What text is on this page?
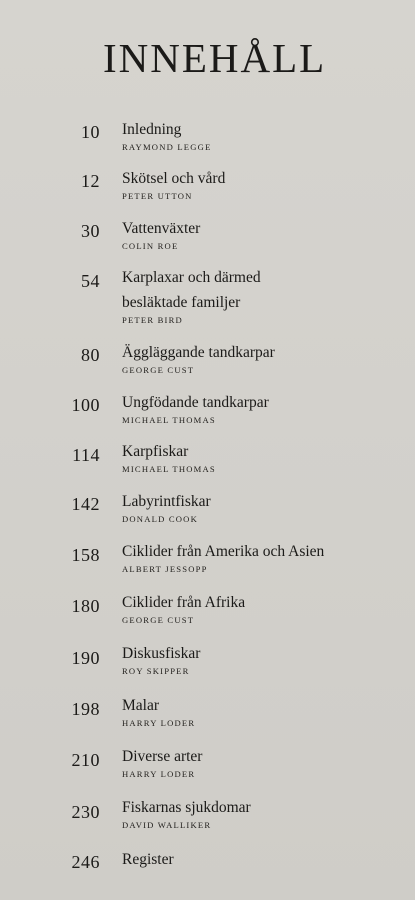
INNEHÅLL
10 Inledning
RAYMOND LEGGE
12 Skötsel och vård
PETER UTTON
30 Vattenväxter
COLIN ROE
54 Karplaxar och därmed
besläktade familjer
PETER BIRD
80 Äggläggande tandkarpar
GEORGE CUST
100 Ungfödande tandkarpar
MICHAEL THOMAS
114 Karpfiskar
MICHAEL THOMAS
142 Labyrintfiskar
DONALD COOK
158 Ciklider från Amerika och Asien
ALBERT JESSOPP
180 Ciklider från Afrika
GEORGE CUST
190 Diskusfiskar
ROY SKIPPER
198 Malar
HARRY LODER
210 Diverse arter
HARRY LODER
230 Fiskarnas sjukdomar
DAVID WALLIKER
246 Register
